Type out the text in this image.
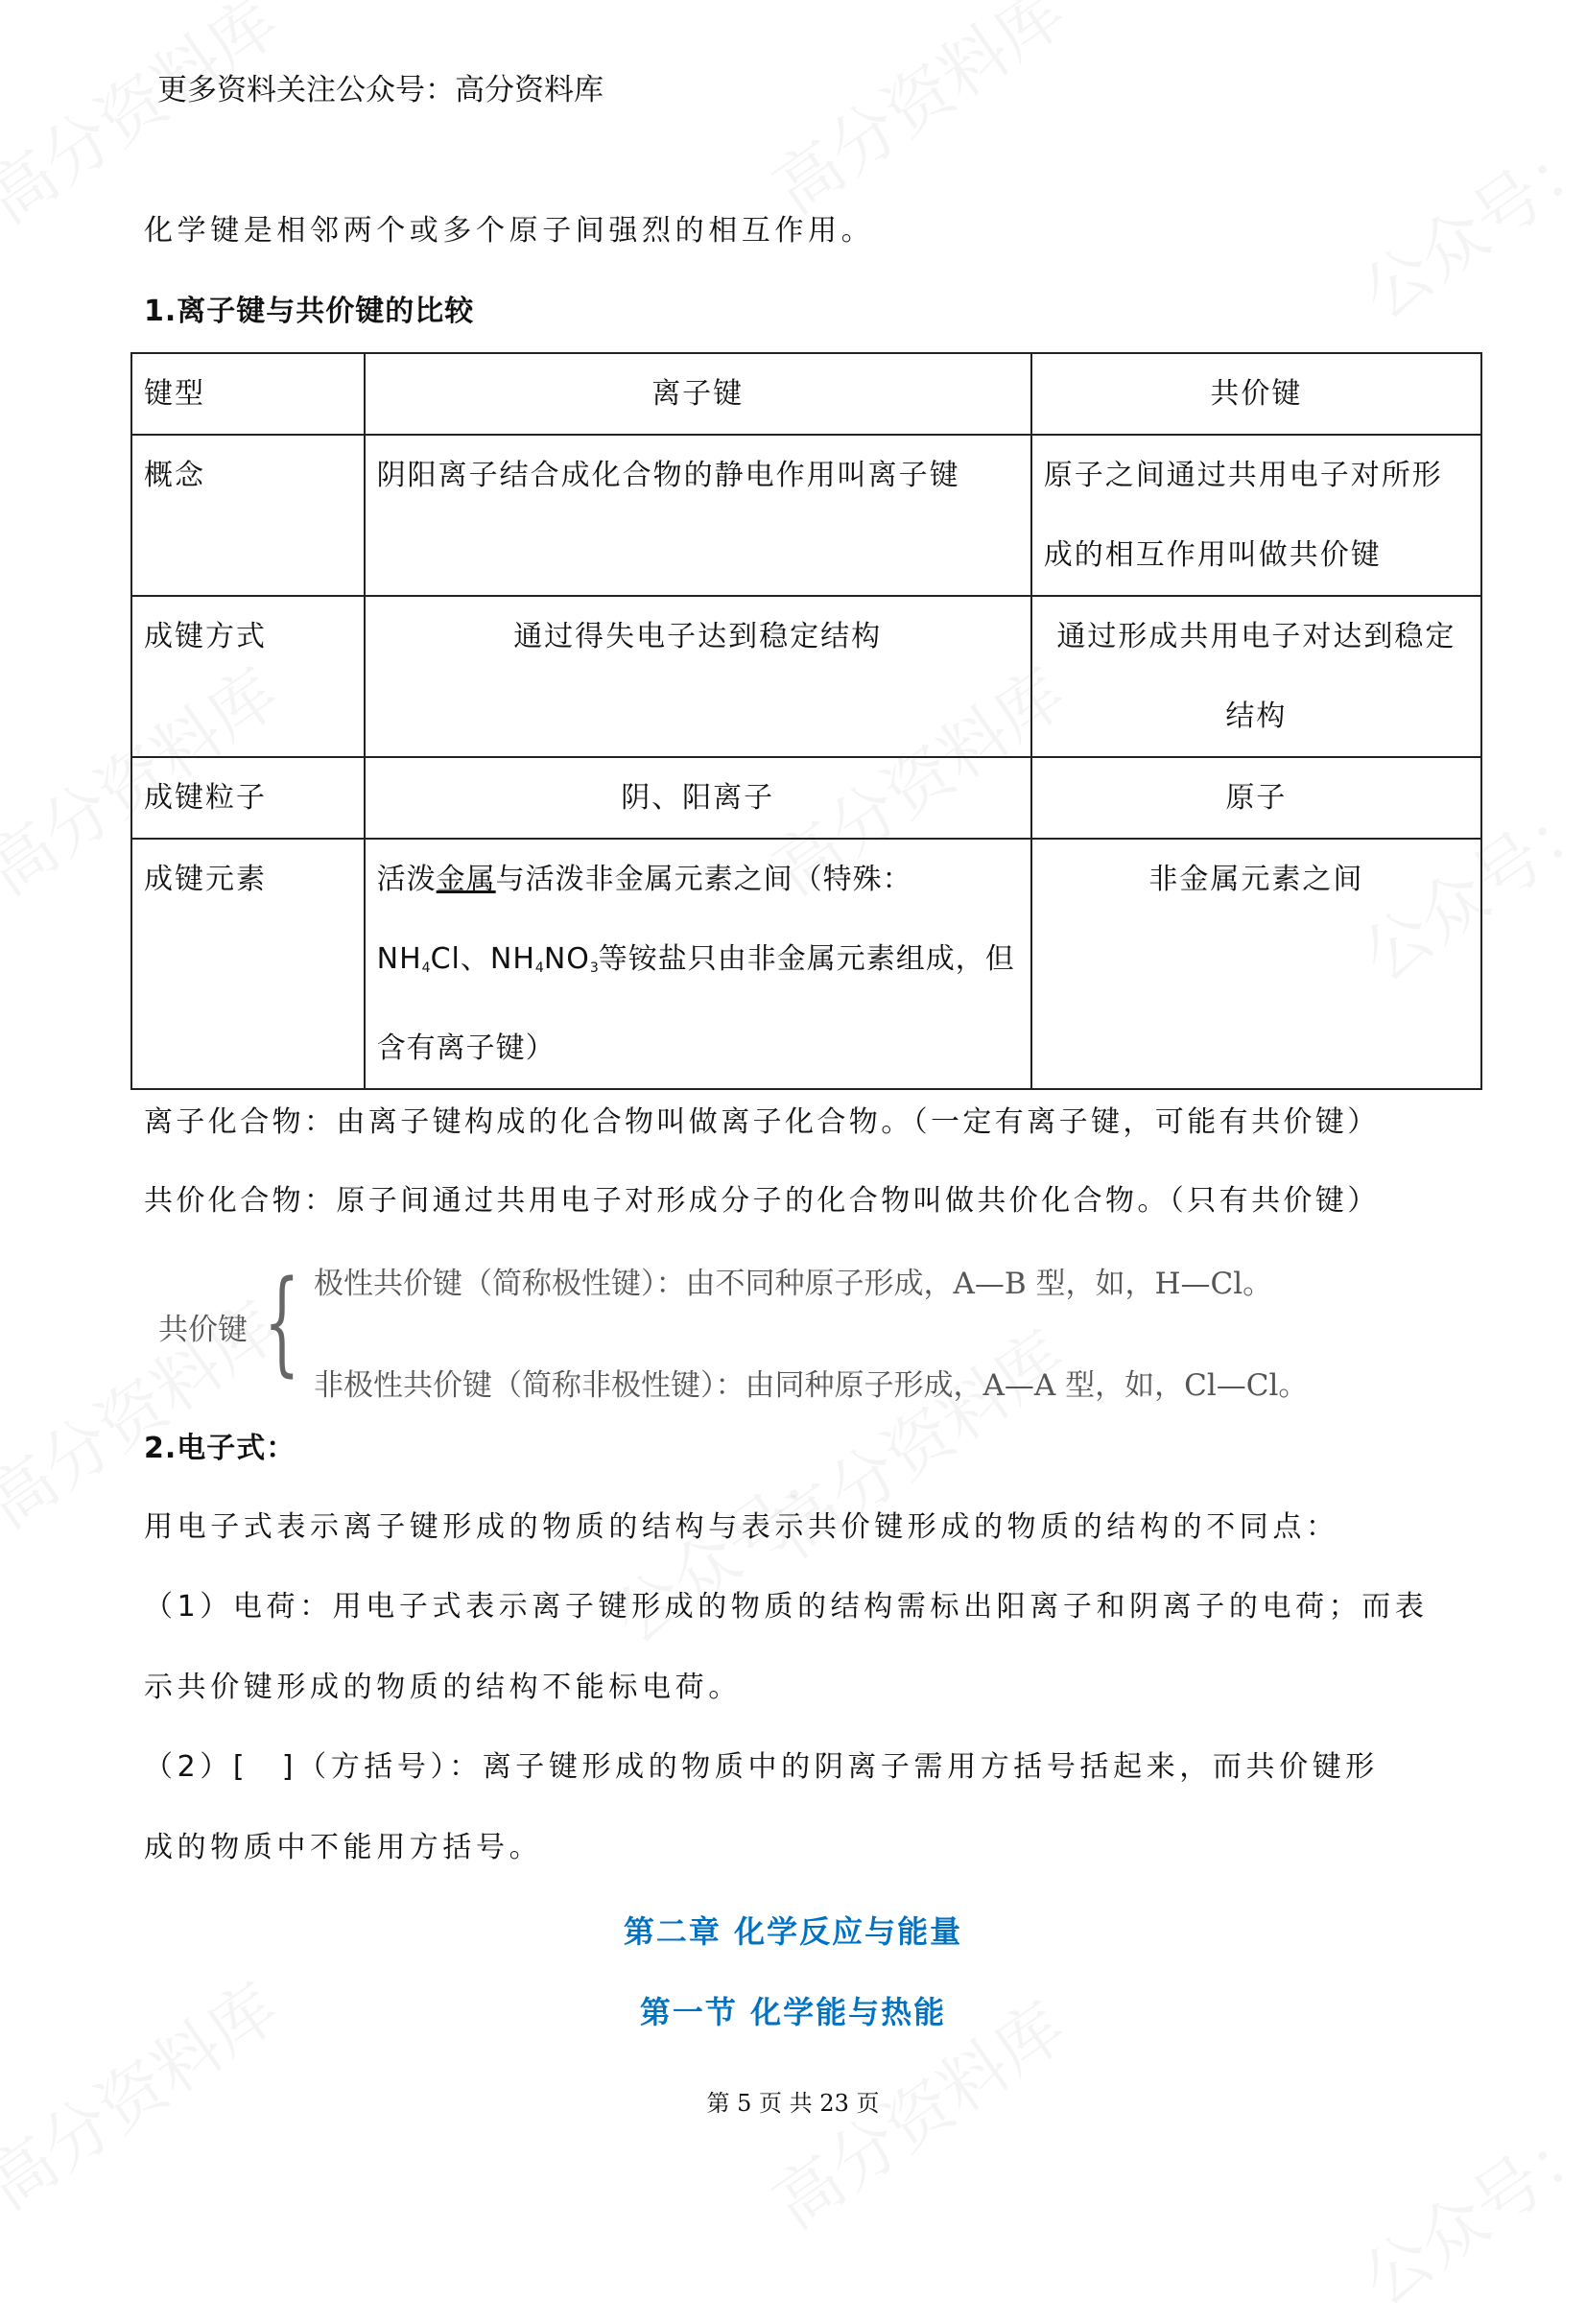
更多资料关注公众号：高分资料库
化学键是相邻两个或多个原子间强烈的相互作用。
1.离子键与共价键的比较
键型	离子键	共价键
概念	阴阳离子结合成化合物的静电作用叫离子键	原子之间通过共用电子对所形成的相互作用叫做共价键
成键方式	通过得失电子达到稳定结构	通过形成共用电子对达到稳定结构
成键粒子	阴、阳离子	原子
成键元素	活泼金属与活泼非金属元素之间（特殊：$NH_4Cl$、$NH_4NO_3$等铵盐只由非金属元素组成，但含有离子键）	非金属元素之间
离子化合物：由离子键构成的化合物叫做离子化合物。（一定有离子键，可能有共价键）
共价化合物：原子间通过共用电子对形成分子的化合物叫做共价化合物。（只有共价键）
共价键 { 极性共价键（简称极性键）：由不同种原子形成，A—B 型，如，H—Cl。
非极性共价键（简称非极性键）：由同种原子形成，A—A 型，如，Cl—Cl。
2.电子式：
用电子式表示离子键形成的物质的结构与表示共价键形成的物质的结构的不同点：
（1）电荷：用电子式表示离子键形成的物质的结构需标出阳离子和阴离子的电荷；而表
示共价键形成的物质的结构不能标电荷。
（2）[　]（方括号）：离子键形成的物质中的阴离子需用方括号括起来，而共价键形
成的物质中不能用方括号。
第二章 化学反应与能量
第一节 化学能与热能
第 5 页 共 23 页
